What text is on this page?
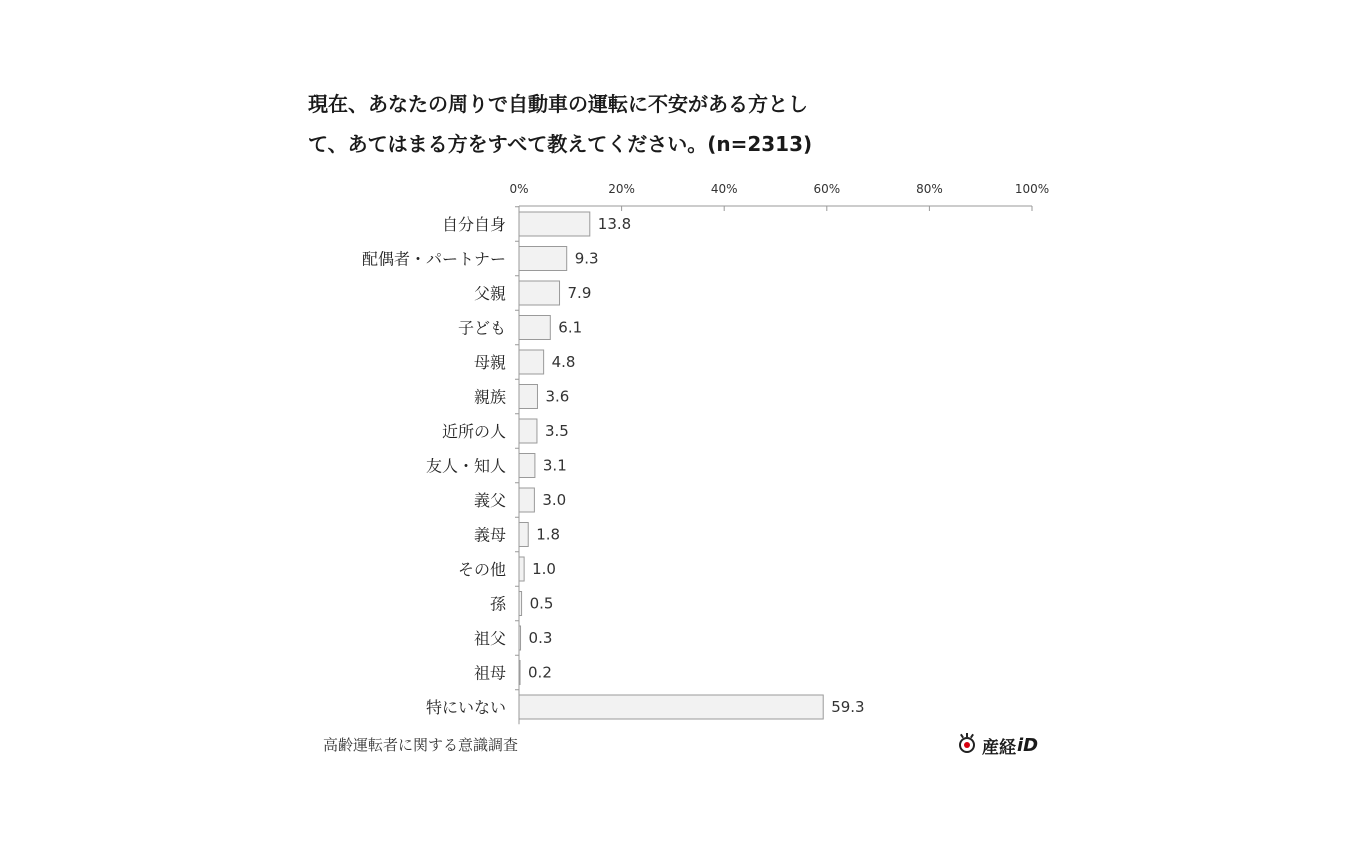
現在、あなたの周りで自動車の運転に不安がある方とし
て、あてはまる方をすべて教えてください。(n=2313)
0%	20%	40%	60%	80%	100%
自分自身	13.8
配偶者・パートナー	9.3
父親	7.9
子ども	6.1
母親	4.8
親族	3.6
近所の人	3.5
友人・知人 3.1
義父 3.0
義母 1.8
その他 1.0
孫 0.5
祖父 0.3
祖母 0.2
特にいない	59.3
高齢運転者に関する意識調査	産経 iD
